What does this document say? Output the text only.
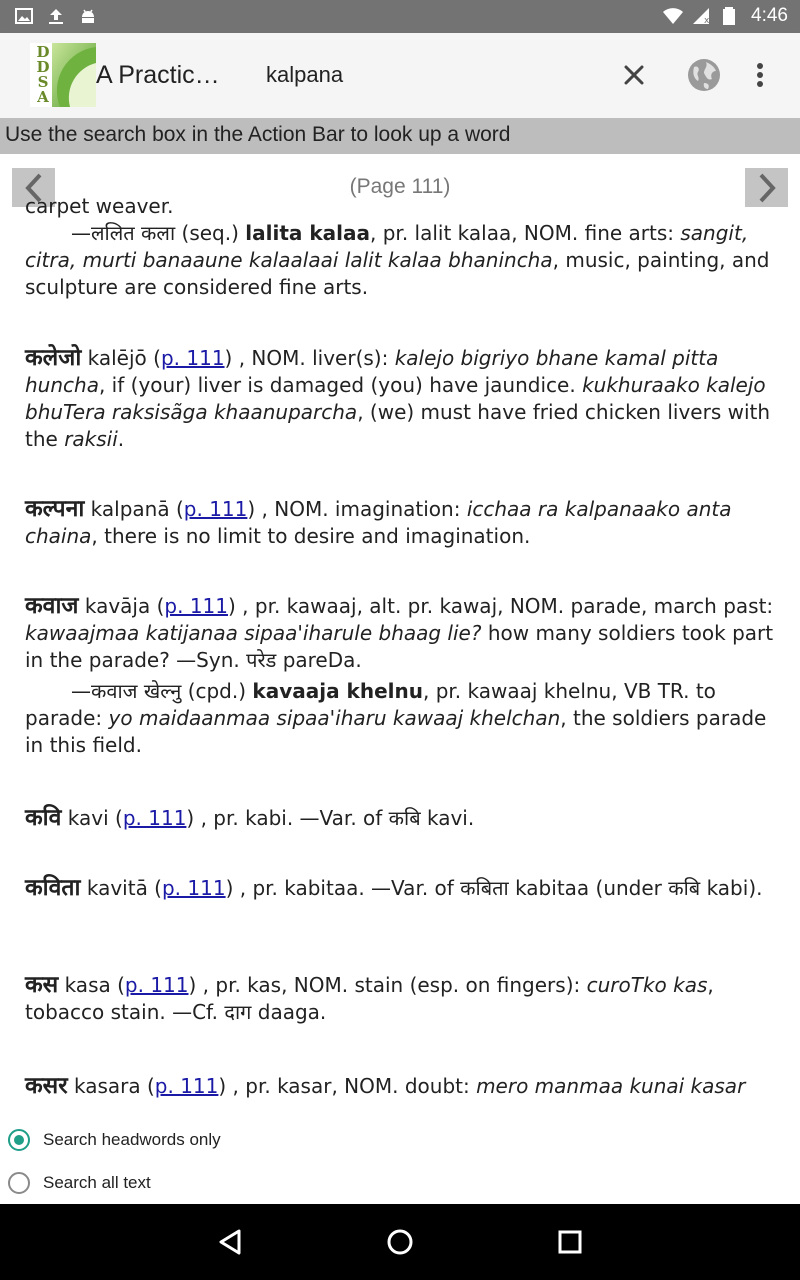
x 4:46
D
D
S
A
A Practic…
kalpana
Use the search box in the Action Bar to look up a word
(Page 111)
carpet weaver.
—ललित कला (seq.) lalita kalaa, pr. lalit kalaa, NOM. fine arts: sangit, citra, murti banaaune kalaalaai lalit kalaa bhanincha, music, painting, and sculpture are considered fine arts.
कलेजो kalējō (p. 111) , NOM. liver(s): kalejo bigriyo bhane kamal pitta huncha, if (your) liver is damaged (you) have jaundice. kukhuraako kalejo bhuTera raksisãga khaanuparcha, (we) must have fried chicken livers with the raksii.
कल्पना kalpanā (p. 111) , NOM. imagination: icchaa ra kalpanaako anta chaina, there is no limit to desire and imagination.
कवाज kavāja (p. 111) , pr. kawaaj, alt. pr. kawaj, NOM. parade, march past: kawaajmaa katijanaa sipaa'iharule bhaag lie? how many soldiers took part in the parade? —Syn. परेड pareDa.
—कवाज खेल्नु (cpd.) kavaaja khelnu, pr. kawaaj khelnu, VB TR. to parade: yo maidaanmaa sipaa'iharu kawaaj khelchan, the soldiers parade in this field.
कवि kavi (p. 111) , pr. kabi. —Var. of कबि kavi.
कविता kavitā (p. 111) , pr. kabitaa. —Var. of कबिता kabitaa (under कबि kabi).
कस kasa (p. 111) , pr. kas, NOM. stain (esp. on fingers): curoTko kas, tobacco stain. —Cf. दाग daaga.
कसर kasara (p. 111) , pr. kasar, NOM. doubt: mero manmaa kunai kasar
Search headwords only
Search all text
